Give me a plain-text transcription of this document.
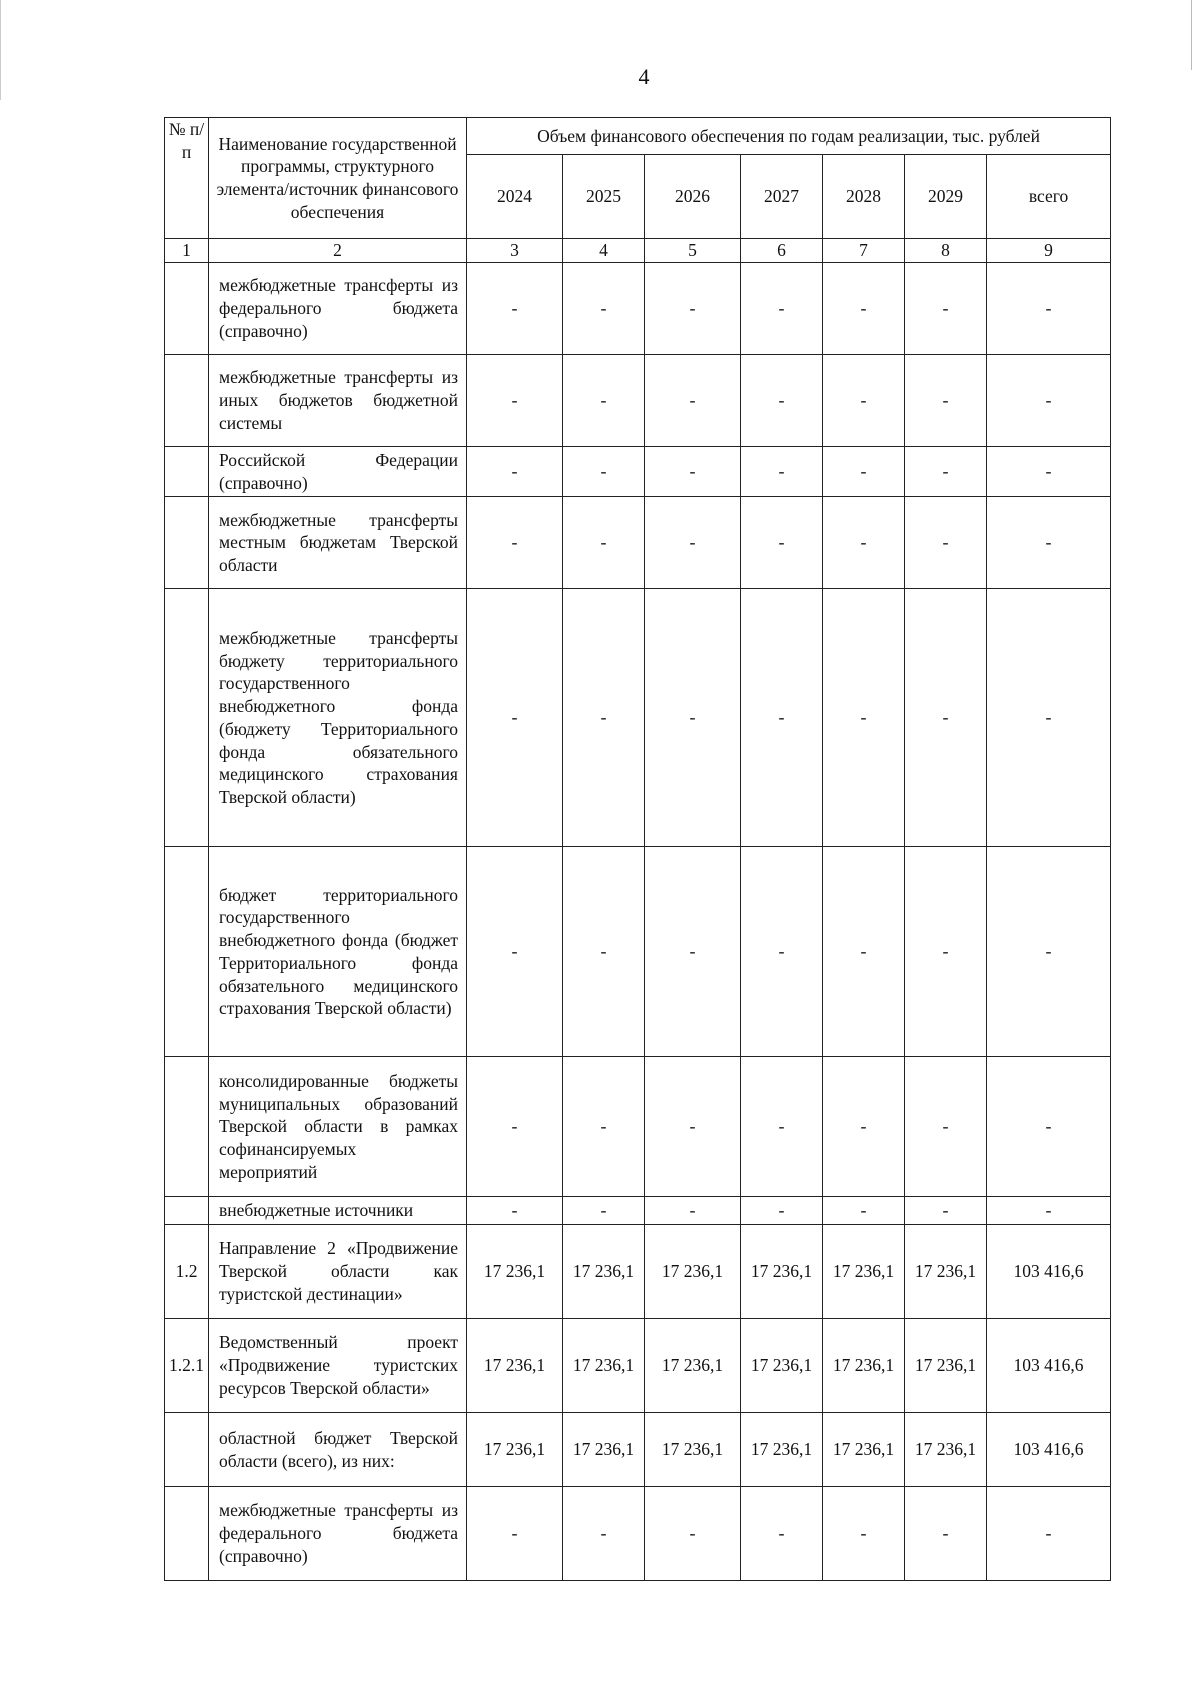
4
№ п/п	Наименование государственной программы, структурного элемента/источник финансового обеспечения	Объем финансового обеспечения по годам реализации, тыс. рублей						
		2024	2025	2026	2027	2028	2029	всего
1	2	3	4	5	6	7	8	9

	межбюджетные трансферты из федерального бюджета (справочно)	-	-	-	-	-	-	-

	межбюджетные трансферты из иных бюджетов бюджетной системы	-	-	-	-	-	-	-

	Российской Федерации (справочно)	-	-	-	-	-	-	-

	межбюджетные трансферты местным бюджетам Тверской области	-	-	-	-	-	-	-

	межбюджетные трансферты бюджету территориального государственного внебюджетного фонда (бюджету Территориального фонда обязательного медицинского страхования Тверской области)	-	-	-	-	-	-	-

	бюджет территориального государственного внебюджетного фонда (бюджет Территориального фонда обязательного медицинского страхования Тверской области)	-	-	-	-	-	-	-

	консолидированные бюджеты муниципальных образований Тверской области в рамках софинансируемых мероприятий	-	-	-	-	-	-	-

	внебюджетные источники	-	-	-	-	-	-	-
1.2	Направление 2 «Продвижение Тверской области как туристской дестинации»	17 236,1	17 236,1	17 236,1	17 236,1	17 236,1	17 236,1	103 416,6
1.2.1	Ведомственный проект «Продвижение туристских ресурсов Тверской области»	17 236,1	17 236,1	17 236,1	17 236,1	17 236,1	17 236,1	103 416,6

	областной бюджет Тверской области (всего), из них:	17 236,1	17 236,1	17 236,1	17 236,1	17 236,1	17 236,1	103 416,6

	межбюджетные трансферты из федерального бюджета (справочно)	-	-	-	-	-	-	-
